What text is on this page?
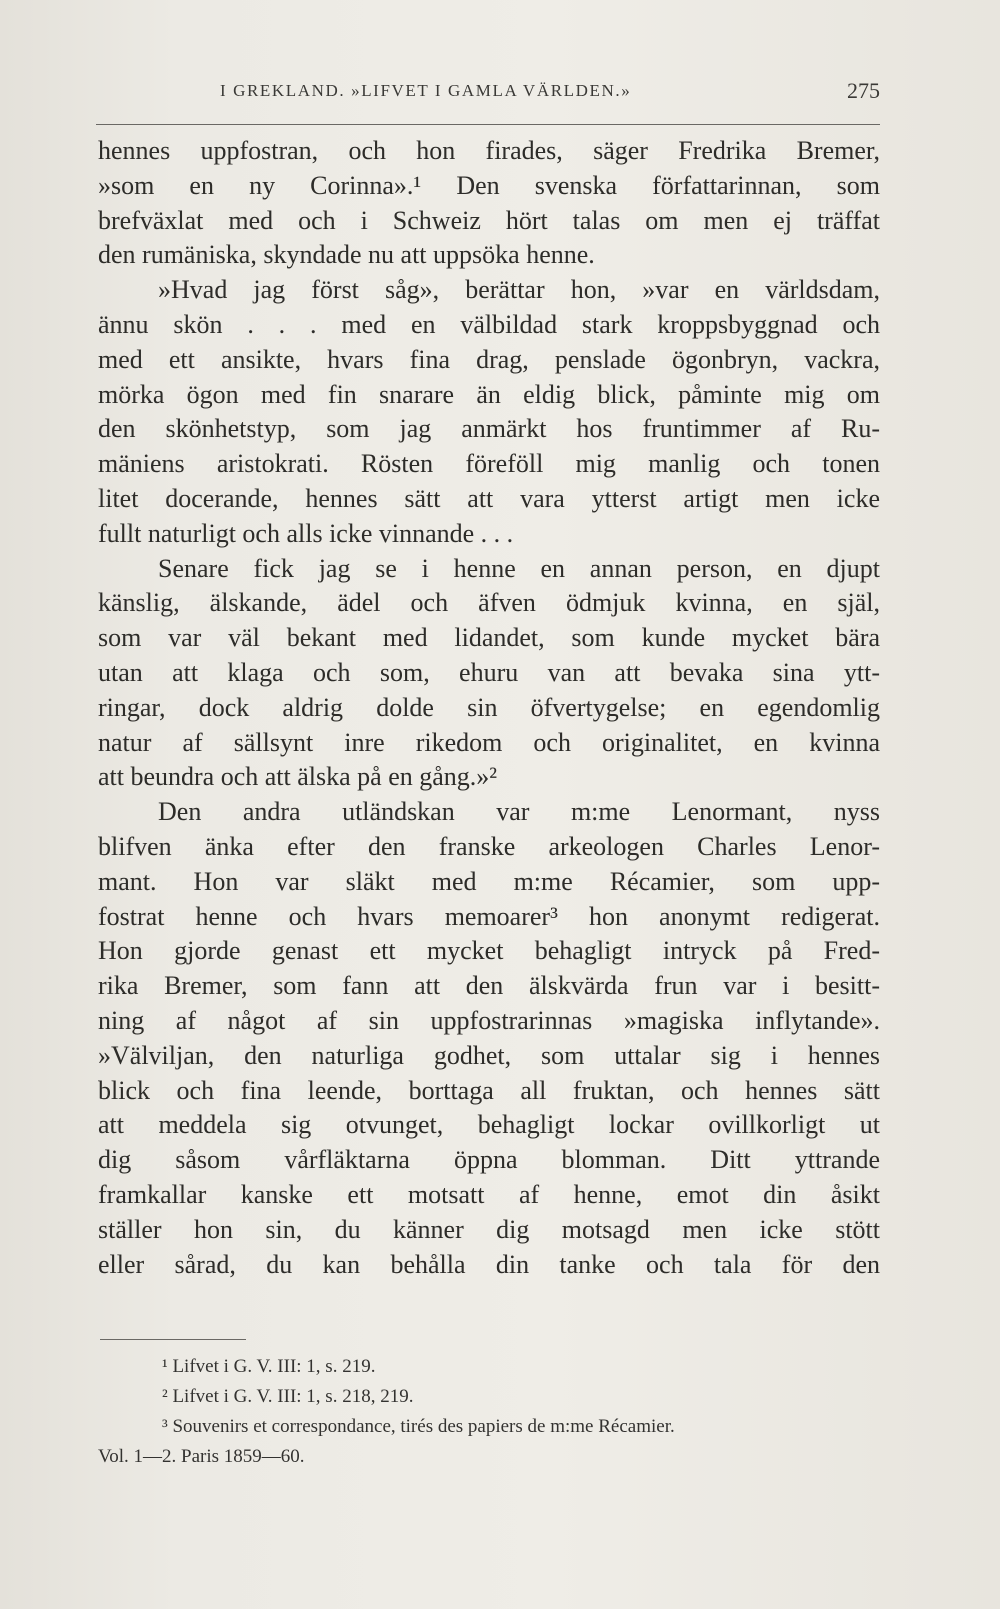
I GREKLAND. »LIFVET I GAMLA VÄRLDEN.»	275
hennes uppfostran, och hon firades, säger Fredrika Bremer,
»som en ny Corinna».¹ Den svenska författarinnan, som
brefväxlat med och i Schweiz hört talas om men ej träffat
den rumäniska, skyndade nu att uppsöka henne.
»Hvad jag först såg», berättar hon, »var en världsdam,
ännu skön . . . med en välbildad stark kroppsbyggnad och
med ett ansikte, hvars fina drag, penslade ögonbryn, vackra,
mörka ögon med fin snarare än eldig blick, påminte mig om
den skönhetstyp, som jag anmärkt hos fruntimmer af Ru-
mäniens aristokrati. Rösten föreföll mig manlig och tonen
litet docerande, hennes sätt att vara ytterst artigt men icke
fullt naturligt och alls icke vinnande . . .
Senare fick jag se i henne en annan person, en djupt
känslig, älskande, ädel och äfven ödmjuk kvinna, en själ,
som var väl bekant med lidandet, som kunde mycket bära
utan att klaga och som, ehuru van att bevaka sina ytt-
ringar, dock aldrig dolde sin öfvertygelse; en egendomlig
natur af sällsynt inre rikedom och originalitet, en kvinna
att beundra och att älska på en gång.»²
Den andra utländskan var m:me Lenormant, nyss
blifven änka efter den franske arkeologen Charles Lenor-
mant. Hon var släkt med m:me Récamier, som upp-
fostrat henne och hvars memoarer³ hon anonymt redigerat.
Hon gjorde genast ett mycket behagligt intryck på Fred-
rika Bremer, som fann att den älskvärda frun var i besitt-
ning af något af sin uppfostrarinnas »magiska inflytande».
»Välviljan, den naturliga godhet, som uttalar sig i hennes
blick och fina leende, borttaga all fruktan, och hennes sätt
att meddela sig otvunget, behagligt lockar ovillkorligt ut
dig såsom vårfläktarna öppna blomman. Ditt yttrande
framkallar kanske ett motsatt af henne, emot din åsikt
ställer hon sin, du känner dig motsagd men icke stött
eller sårad, du kan behålla din tanke och tala för den
¹ Lifvet i G. V. III: 1, s. 219.
² Lifvet i G. V. III: 1, s. 218, 219.
³ Souvenirs et correspondance, tirés des papiers de m:me Récamier.
Vol. 1—2. Paris 1859—60.
